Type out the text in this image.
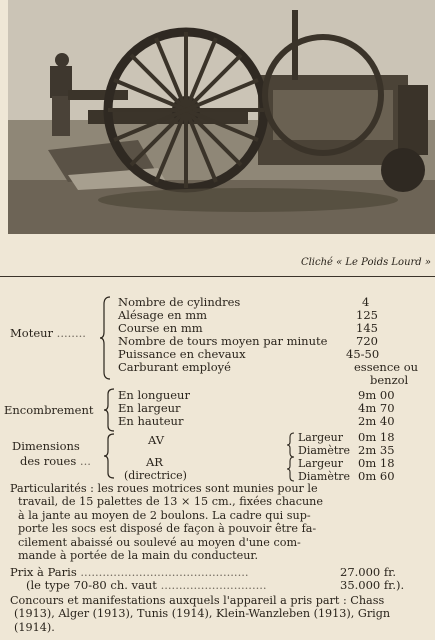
Cliché « Le Poids Lourd »
Moteur ........
Nombre de cylindres	4
Alésage en mm	125
Course en mm	145
Nombre de tours moyen par minute 720
Puissance en chevaux	45-50
Carburant employé	essence ou
benzol
Encombrement
En longueur	9m 00
En largeur	4m 70
En hauteur	2m 40
Dimensions
des roues ...
AV	Largeur 0m 18
Diamètre 2m 35
AR
(directrice)
Largeur 0m 18
Diamètre 0m 60
Particularités : les roues motrices sont munies pour le
travail, de 15 palettes de 13 × 15 cm., fixées chacune
à la jante au moyen de 2 boulons. La cadre qui sup-
porte les socs est disposé de façon à pouvoir être fa-
cilement abaissé ou soulevé au moyen d'une com-
mande à portée de la main du conducteur.
Prix à Paris ..............................................	27.000 fr.
(le type 70-80 ch. vaut .............................	35.000 fr.).
Concours et manifestations auxquels l'appareil a pris part : Chass
(1913), Alger (1913), Tunis (1914), Klein-Wanzleben (1913), Grign
(1914).
